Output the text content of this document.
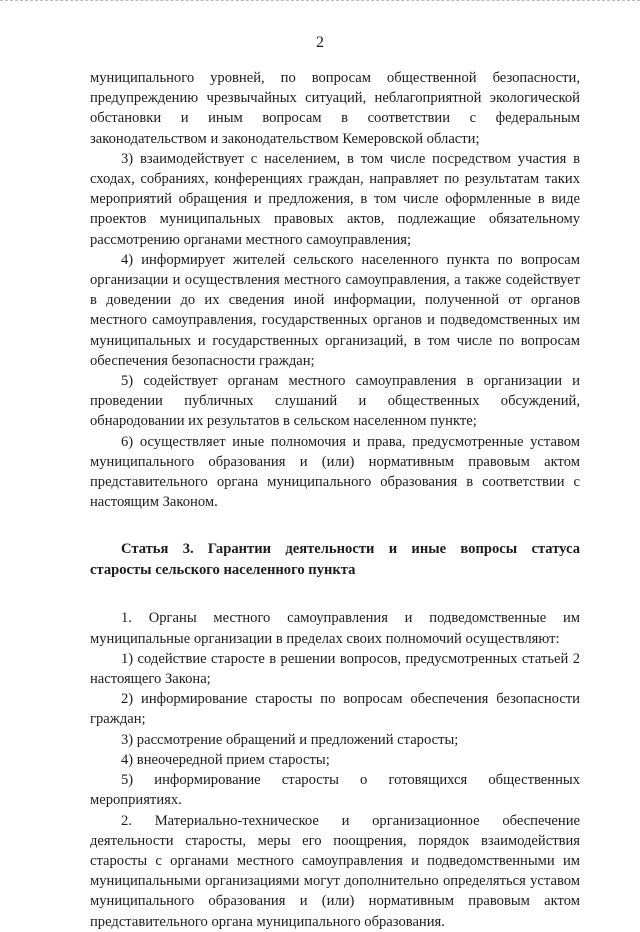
2

муниципального уровней, по вопросам общественной безопасности, предупреждению чрезвычайных ситуаций, неблагоприятной экологической обстановки и иным вопросам в соответствии с федеральным законодательством и законодательством Кемеровской области;

3) взаимодействует с населением, в том числе посредством участия в сходах, собраниях, конференциях граждан, направляет по результатам таких мероприятий обращения и предложения, в том числе оформленные в виде проектов муниципальных правовых актов, подлежащие обязательному рассмотрению органами местного самоуправления;

4) информирует жителей сельского населенного пункта по вопросам организации и осуществления местного самоуправления, а также содействует в доведении до их сведения иной информации, полученной от органов местного самоуправления, государственных органов и подведомственных им муниципальных и государственных организаций, в том числе по вопросам обеспечения безопасности граждан;

5) содействует органам местного самоуправления в организации и проведении публичных слушаний и общественных обсуждений, обнародовании их результатов в сельском населенном пункте;

6) осуществляет иные полномочия и права, предусмотренные уставом муниципального образования и (или) нормативным правовым актом представительного органа муниципального образования в соответствии с настоящим Законом.

Статья 3. Гарантии деятельности и иные вопросы статуса
старосты сельского населенного пункта

1. Органы местного самоуправления и подведомственные им муниципальные организации в пределах своих полномочий осуществляют:

1) содействие старосте в решении вопросов, предусмотренных статьей 2 настоящего Закона;

2) информирование старосты по вопросам обеспечения безопасности граждан;

3) рассмотрение обращений и предложений старосты;

4) внеочередной прием старосты;

5) информирование старосты о готовящихся общественных мероприятиях.

2. Материально-техническое и организационное обеспечение деятельности старосты, меры его поощрения, порядок взаимодействия старосты с органами местного самоуправления и подведомственными им муниципальными организациями могут дополнительно определяться уставом муниципального образования и (или) нормативным правовым актом представительного органа муниципального образования.
